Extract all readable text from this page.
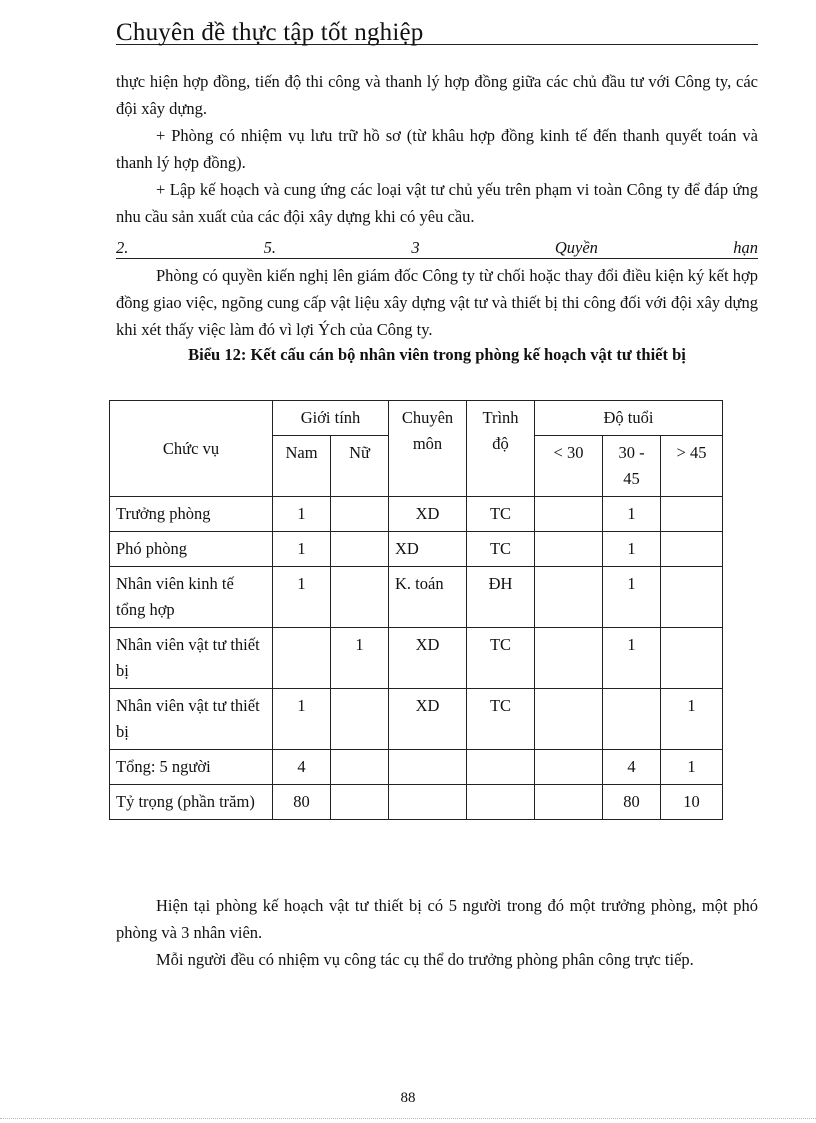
Chuyên đề thực tập tốt nghiệp

thực hiện hợp đồng, tiến độ thi công và thanh lý hợp đồng giữa các chủ đầu tư với Công ty, các đội xây dựng.

+ Phòng có nhiệm vụ lưu trữ hồ sơ (từ khâu hợp đồng kinh tế đến thanh quyết toán và thanh lý hợp đồng).

+ Lập kế hoạch và cung ứng các loại vật tư chủ yếu trên phạm vi toàn Công ty để đáp ứng nhu cầu sản xuất của các đội xây dựng khi có yêu cầu.

2.	5.	3	Quyền	hạn

Phòng có quyền kiến nghị lên giám đốc Công ty từ chối hoặc thay đổi điều kiện ký kết hợp đồng giao việc, ngõng cung cấp vật liệu xây dựng vật tư và thiết bị thi công đối với đội xây dựng khi xét thấy việc làm đó vì lợi Ých của Công ty.

Biểu 12: Kết cấu cán bộ nhân viên trong phòng kế hoạch vật tư thiết bị

Chức vụ	Giới tính		Chuyên môn	Trình độ	Độ tuổi		
	Nam	Nữ			< 30	30 - 45	> 45
Trưởng phòng	1		XD	TC		1	
Phó phòng	1		XD	TC		1	
Nhân viên kinh tế tổng hợp	1		K. toán	ĐH		1	
Nhân viên vật tư thiết bị		1	XD	TC		1	
Nhân viên vật tư thiết bị	1		XD	TC			1
Tổng: 5 người	4					4	1
Tỷ trọng (phần trăm)	80					80	10

Hiện tại phòng kế hoạch vật tư thiết bị có 5 người trong đó một trưởng phòng, một phó phòng và 3 nhân viên.

Mỗi người đều có nhiệm vụ công tác cụ thể do trưởng phòng phân công trực tiếp.

88
